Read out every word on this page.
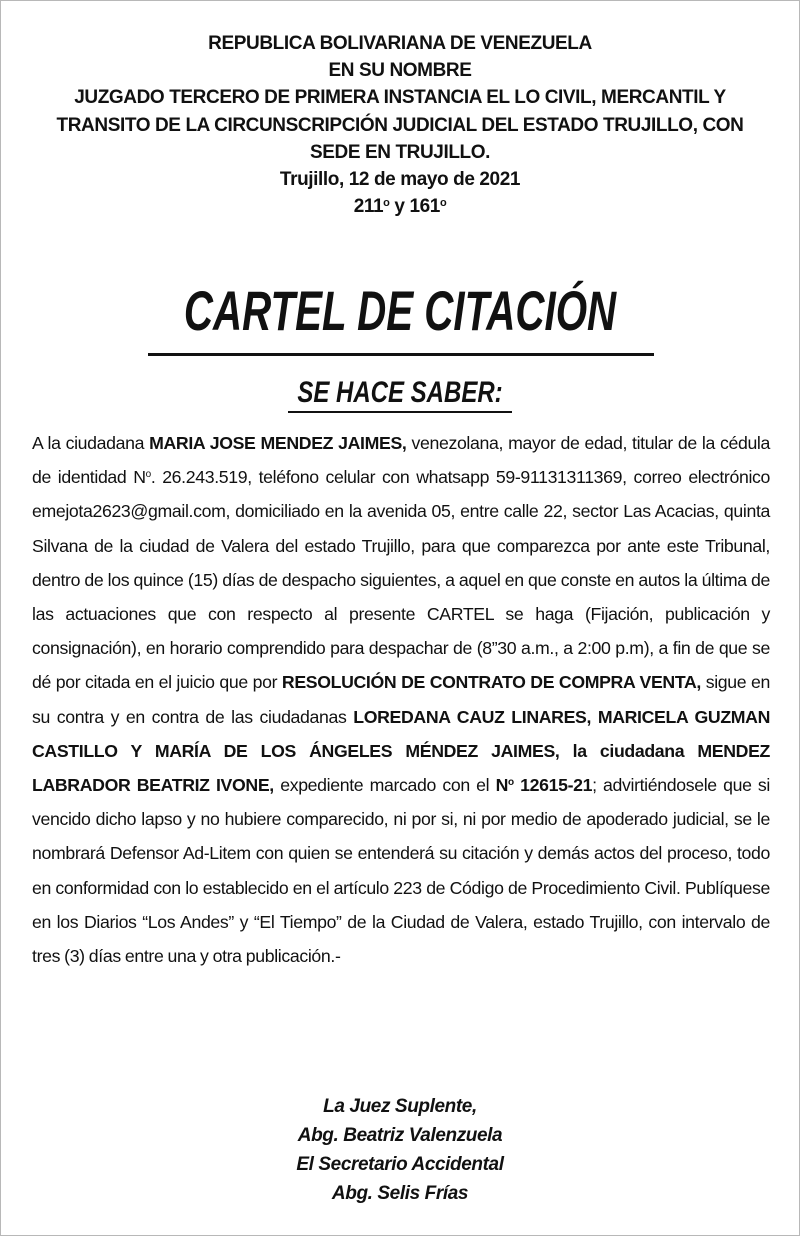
REPUBLICA BOLIVARIANA DE VENEZUELA
EN SU NOMBRE
JUZGADO TERCERO DE PRIMERA INSTANCIA EL LO CIVIL, MERCANTIL Y
TRANSITO DE LA CIRCUNSCRIPCIÓN JUDICIAL DEL ESTADO TRUJILLO, CON
SEDE EN TRUJILLO.
Trujillo, 12 de mayo de 2021
211$^o$ y 161$^o$
CARTEL DE CITACIÓN
SE HACE SABER:
A la ciudadana MARIA JOSE MENDEZ JAIMES, venezolana, mayor de edad, titular de la cédula de identidad $N^o$. 26.243.519, teléfono celular con whatsapp 59-91131311369, correo electrónico emejota2623@gmail.com, domiciliado en la avenida 05, entre calle 22, sector Las Acacias, quinta Silvana de la ciudad de Valera del estado Trujillo, para que comparezca por ante este Tribunal, dentro de los quince (15) días de despacho siguientes, a aquel en que conste en autos la última de las actuaciones que con respecto al presente CARTEL se haga (Fijación, publicación y consignación), en horario comprendido para despachar de (8”30 a.m., a 2:00 p.m), a fin de que se dé por citada en el juicio que por RESOLUCIÓN DE CONTRATO DE COMPRA VENTA, sigue en su contra y en contra de las ciudadanas LOREDANA CAUZ LINARES, MARICELA GUZMAN CASTILLO Y MARÍA DE LOS ÁNGELES MÉNDEZ JAIMES, la ciudadana MENDEZ LABRADOR BEATRIZ IVONE, expediente marcado con el $N^o$ 12615-21; advirtiéndosele que si vencido dicho lapso y no hubiere comparecido, ni por si, ni por medio de apoderado judicial, se le nombrará Defensor Ad-Litem con quien se entenderá su citación y demás actos del proceso, todo en conformidad con lo establecido en el artículo 223 de Código de Procedimiento Civil. Publíquese en los Diarios “Los Andes” y “El Tiempo” de la Ciudad de Valera, estado Trujillo, con intervalo de tres (3) días entre una y otra publicación.-
La Juez Suplente,
Abg. Beatriz Valenzuela
El Secretario Accidental
Abg. Selis Frías
